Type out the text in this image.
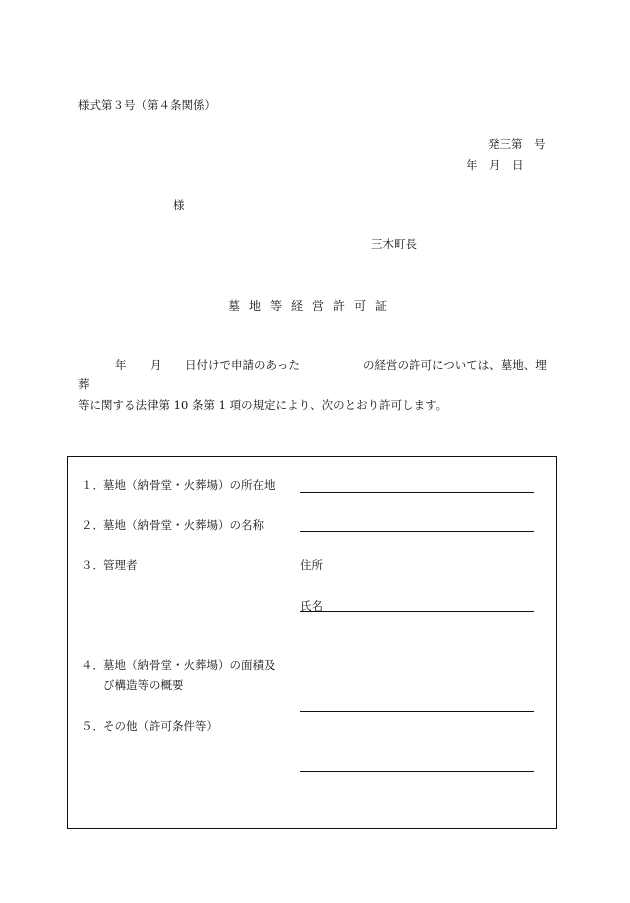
様式第３号（第４条関係）
発三第　号
年　月　日
様
三木町長
墓地等経営許可証
年 月 日付けで申請のあった	の経営の許可については、墓地、埋
葬
等に関する法律第 10 条第 1 項の規定により、次のとおり許可します。
１．墓地（納骨堂・火葬場）の所在地
２．墓地（納骨堂・火葬場）の名称
３．管理者	住所
氏名
４．墓地（納骨堂・火葬場）の面積及
び構造等の概要
５．その他（許可条件等）
